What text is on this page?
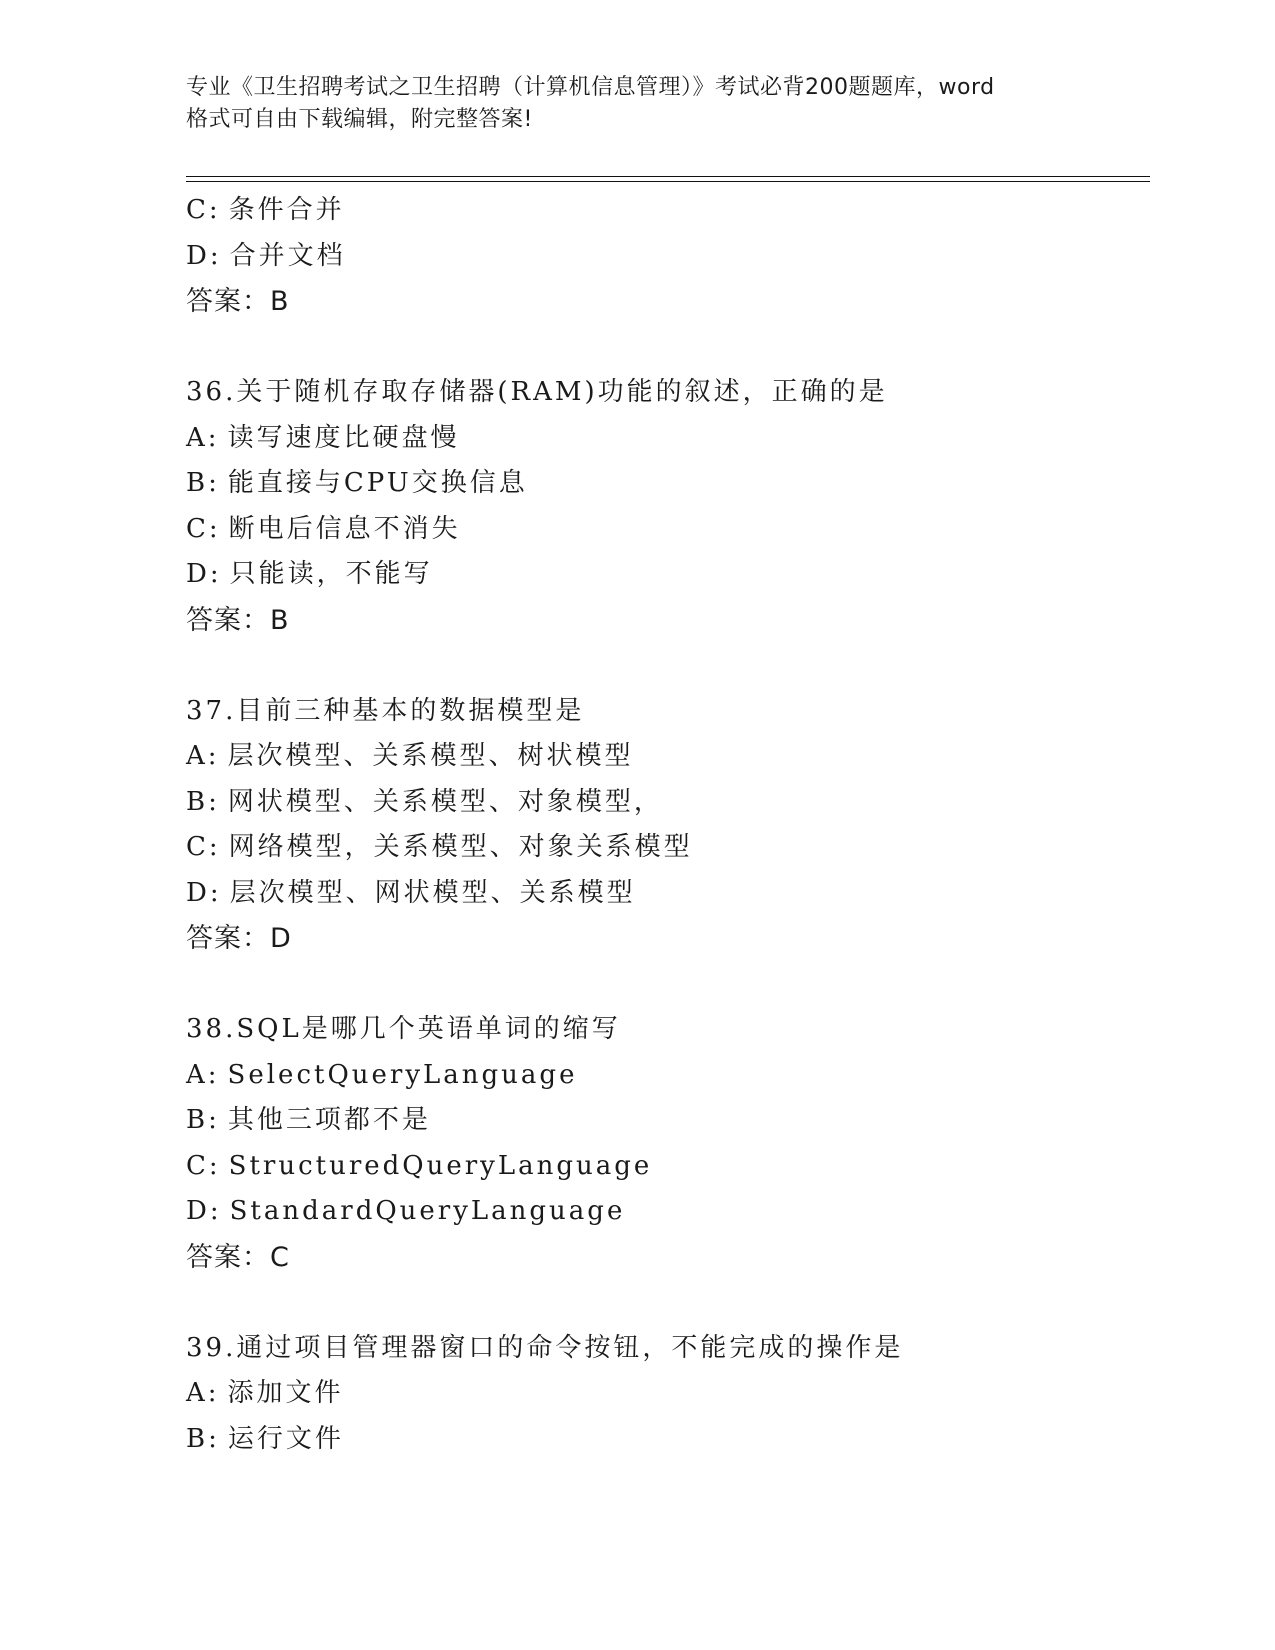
专业《卫生招聘考试之卫生招聘（计算机信息管理）》考试必背200题题库，word
格式可自由下载编辑，附完整答案!
C: 条件合并
D: 合并文档
答案：B
36.关于随机存取存储器(RAM)功能的叙述，正确的是
A: 读写速度比硬盘慢
B: 能直接与CPU交换信息
C: 断电后信息不消失
D: 只能读，不能写
答案：B
37.目前三种基本的数据模型是
A: 层次模型、关系模型、树状模型
B: 网状模型、关系模型、对象模型，
C: 网络模型，关系模型、对象关系模型
D: 层次模型、网状模型、关系模型
答案：D
38.SQL是哪几个英语单词的缩写
A: SelectQueryLanguage
B: 其他三项都不是
C: StructuredQueryLanguage
D: StandardQueryLanguage
答案：C
39.通过项目管理器窗口的命令按钮，不能完成的操作是
A: 添加文件
B: 运行文件
